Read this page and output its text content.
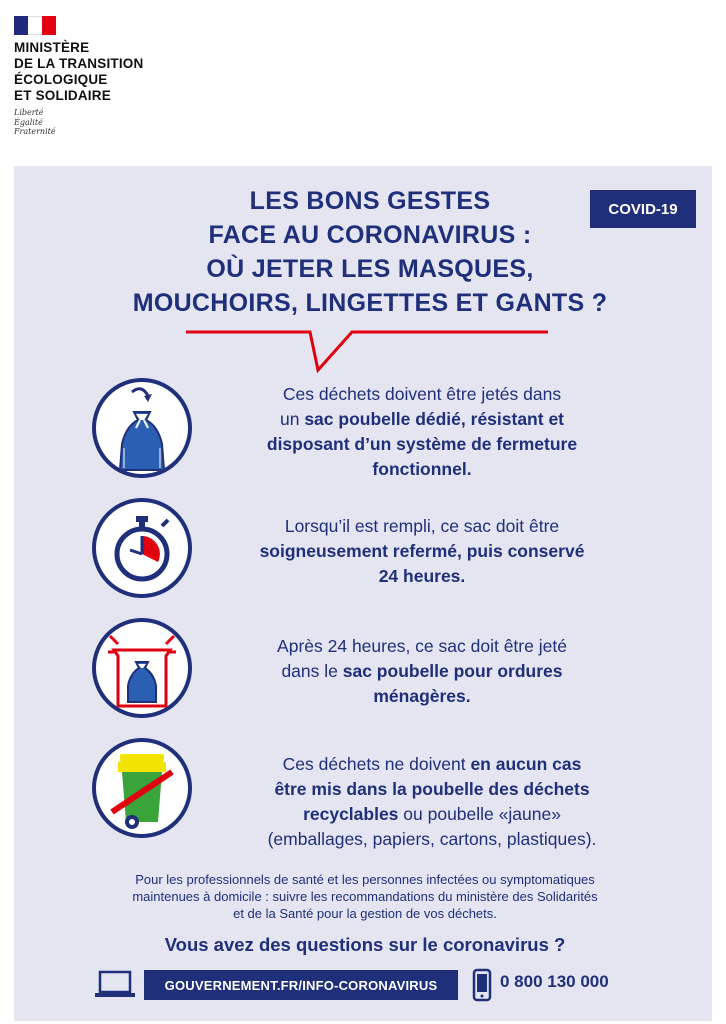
MINISTÈRE
DE LA TRANSITION
ÉCOLOGIQUE
ET SOLIDAIRE
Liberté
Égalité
Fraternité
COVID-19
LES BONS GESTES
FACE AU CORONAVIRUS :
OÙ JETER LES MASQUES,
MOUCHOIRS, LINGETTES ET GANTS ?
Ces déchets doivent être jetés dans
un sac poubelle dédié, résistant et
disposant d’un système de fermeture
fonctionnel.
Lorsqu’il est rempli, ce sac doit être
soigneusement refermé, puis conservé
24 heures.
Après 24 heures, ce sac doit être jeté
dans le sac poubelle pour ordures
ménagères.
Ces déchets ne doivent en aucun cas
être mis dans la poubelle des déchets
recyclables ou poubelle «jaune»
(emballages, papiers, cartons, plastiques).
Pour les professionnels de santé et les personnes infectées ou symptomatiques
maintenues à domicile : suivre les recommandations du ministère des Solidarités
et de la Santé pour la gestion de vos déchets.
Vous avez des questions sur le coronavirus ?
GOUVERNEMENT.FR/INFO-CORONAVIRUS	0 800 130 000
